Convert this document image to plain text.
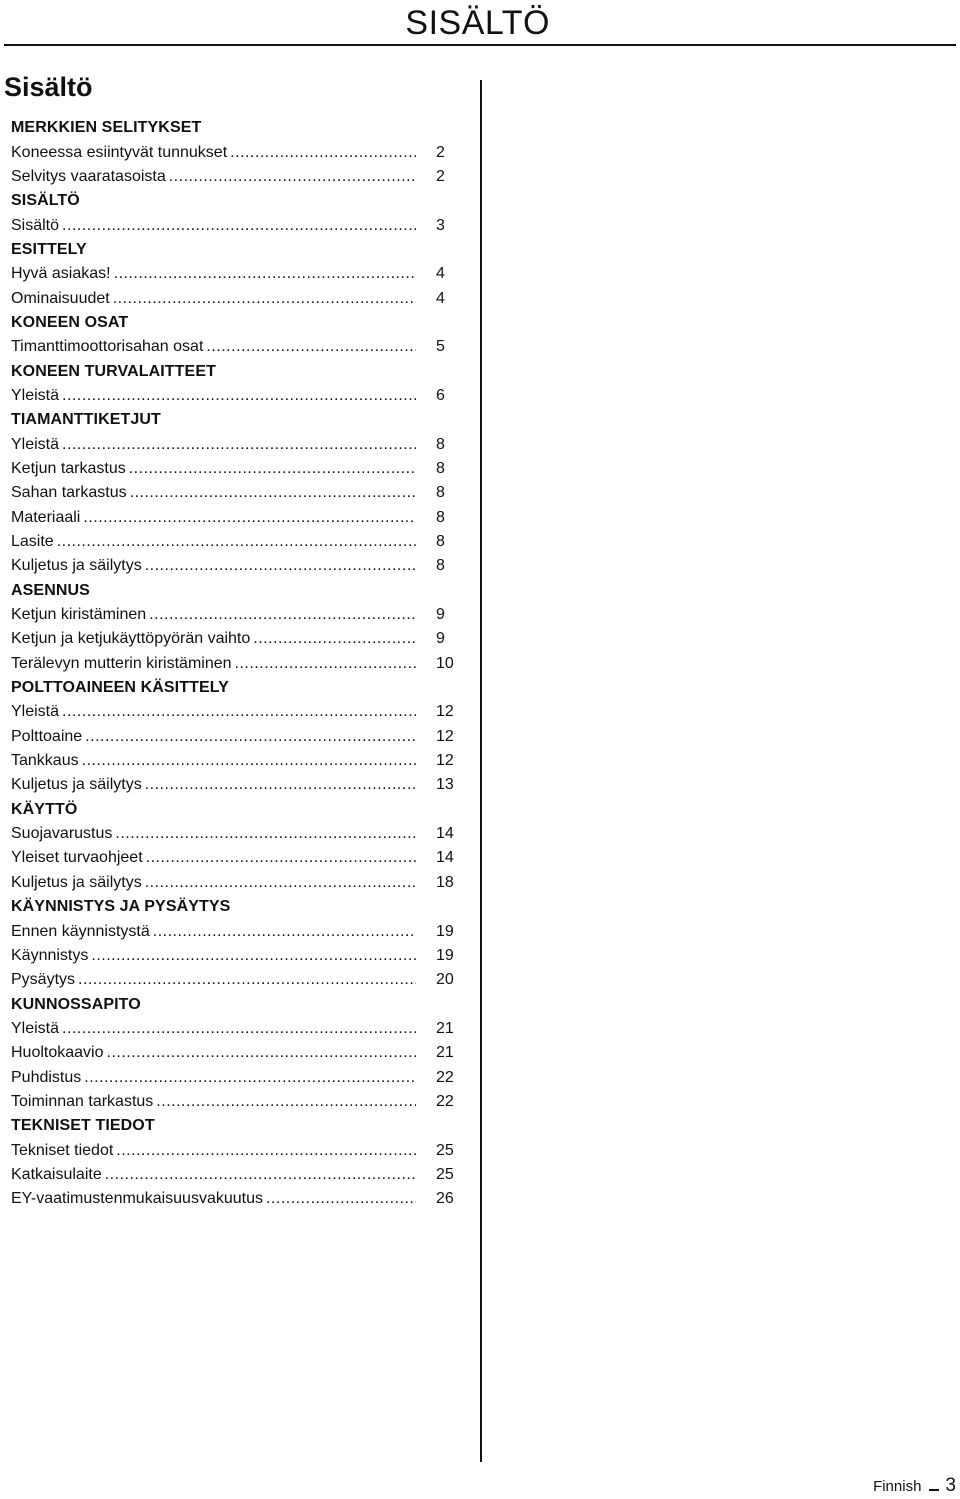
SISÄLTÖ
Sisältö
MERKKIEN SELITYKSET
Koneessa esiintyvät tunnukset .....	2
Selvitys vaaratasoista .....	2
SISÄLTÖ
Sisältö .....	3
ESITTELY
Hyvä asiakas! .....	4
Ominaisuudet .....	4
KONEEN OSAT
Timanttimoottorisahan osat .....	5
KONEEN TURVALAITTEET
Yleistä .....	6
TIAMANTTIKETJUT
Yleistä .....	8
Ketjun tarkastus .....	8
Sahan tarkastus .....	8
Materiaali .....	8
Lasite .....	8
Kuljetus ja säilytys .....	8
ASENNUS
Ketjun kiristäminen .....	9
Ketjun ja ketjukäyttöpyörän vaihto .....	9
Terälevyn mutterin kiristäminen .....	10
POLTTOAINEEN KÄSITTELY
Yleistä .....	12
Polttoaine .....	12
Tankkaus .....	12
Kuljetus ja säilytys .....	13
KÄYTTÖ
Suojavarustus .....	14
Yleiset turvaohjeet .....	14
Kuljetus ja säilytys .....	18
KÄYNNISTYS JA PYSÄYTYS
Ennen käynnistystä .....	19
Käynnistys .....	19
Pysäytys .....	20
KUNNOSSAPITO
Yleistä .....	21
Huoltokaavio .....	21
Puhdistus .....	22
Toiminnan tarkastus .....	22
TEKNISET TIEDOT
Tekniset tiedot .....	25
Katkaisulaite .....	25
EY-vaatimustenmukaisuusvakuutus .....	26
Finnish 3
